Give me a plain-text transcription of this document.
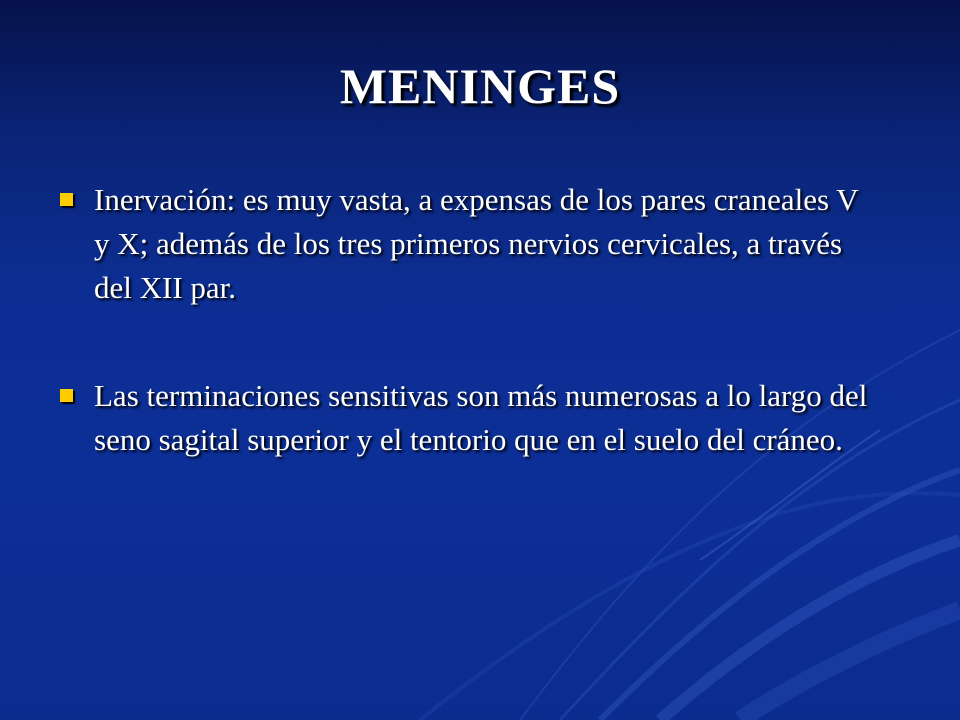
MENINGES
Inervación: es muy vasta, a expensas de los pares craneales V y X; además de los tres primeros nervios cervicales, a través del XII par.
Las terminaciones sensitivas son más numerosas a lo largo del seno sagital superior y el tentorio que en el suelo del cráneo.
